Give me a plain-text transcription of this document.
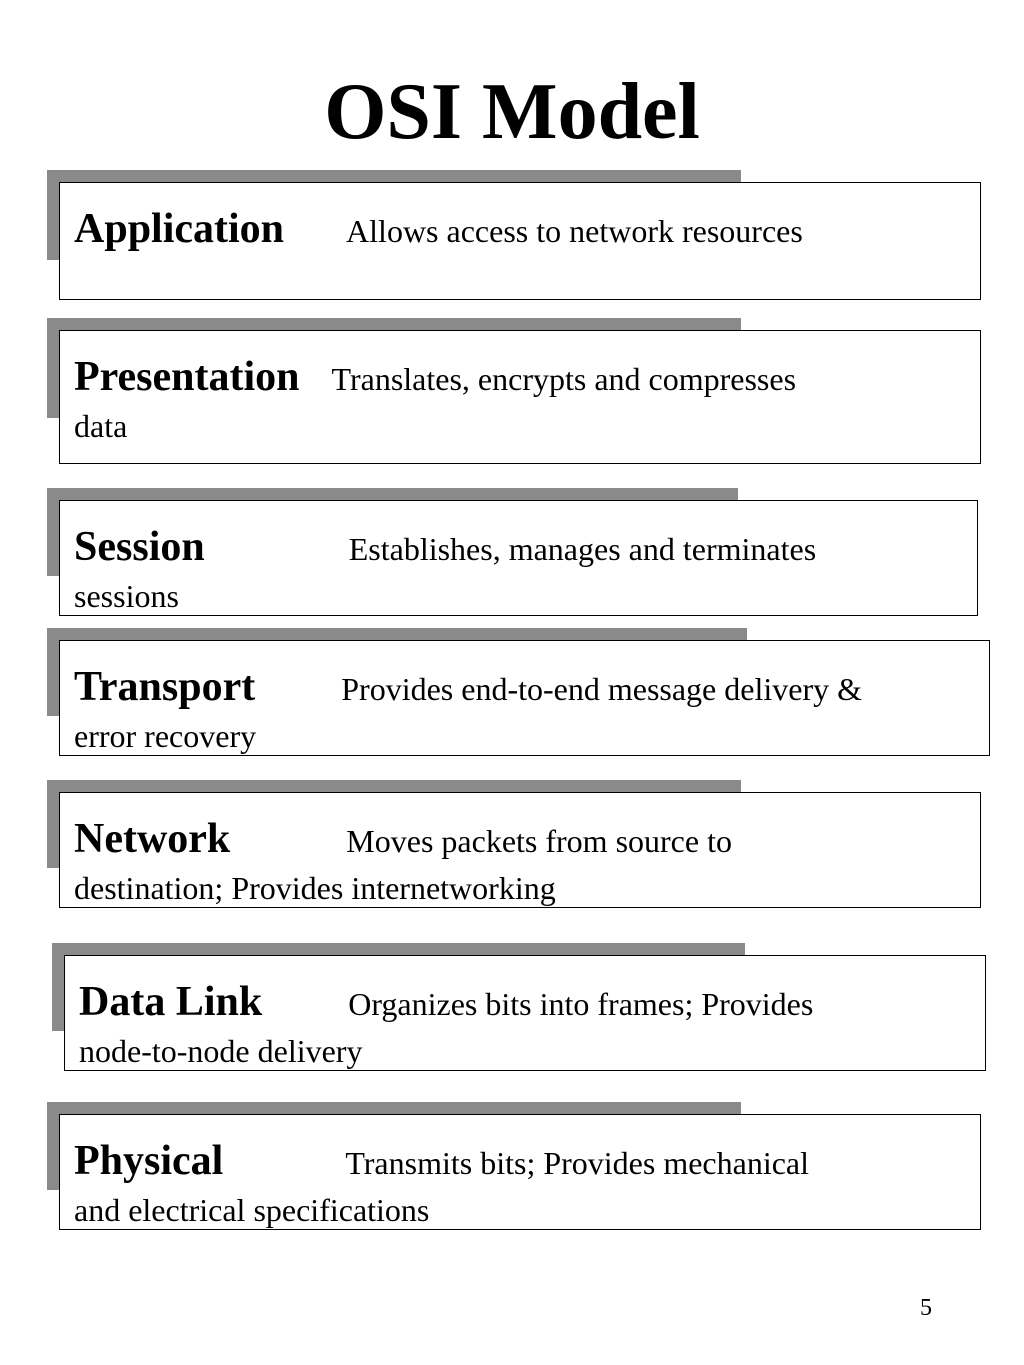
OSI Model
Application Allows access to network resources
Presentation Translates, encrypts and compresses
data
Session	Establishes, manages and terminates
sessions
Transport	Provides end-to-end message delivery &
error recovery
Network	Moves packets from source to
destination; Provides internetworking
Data Link	Organizes bits into frames; Provides
node-to-node delivery
Physical	Transmits bits; Provides mechanical
and electrical specifications
5
